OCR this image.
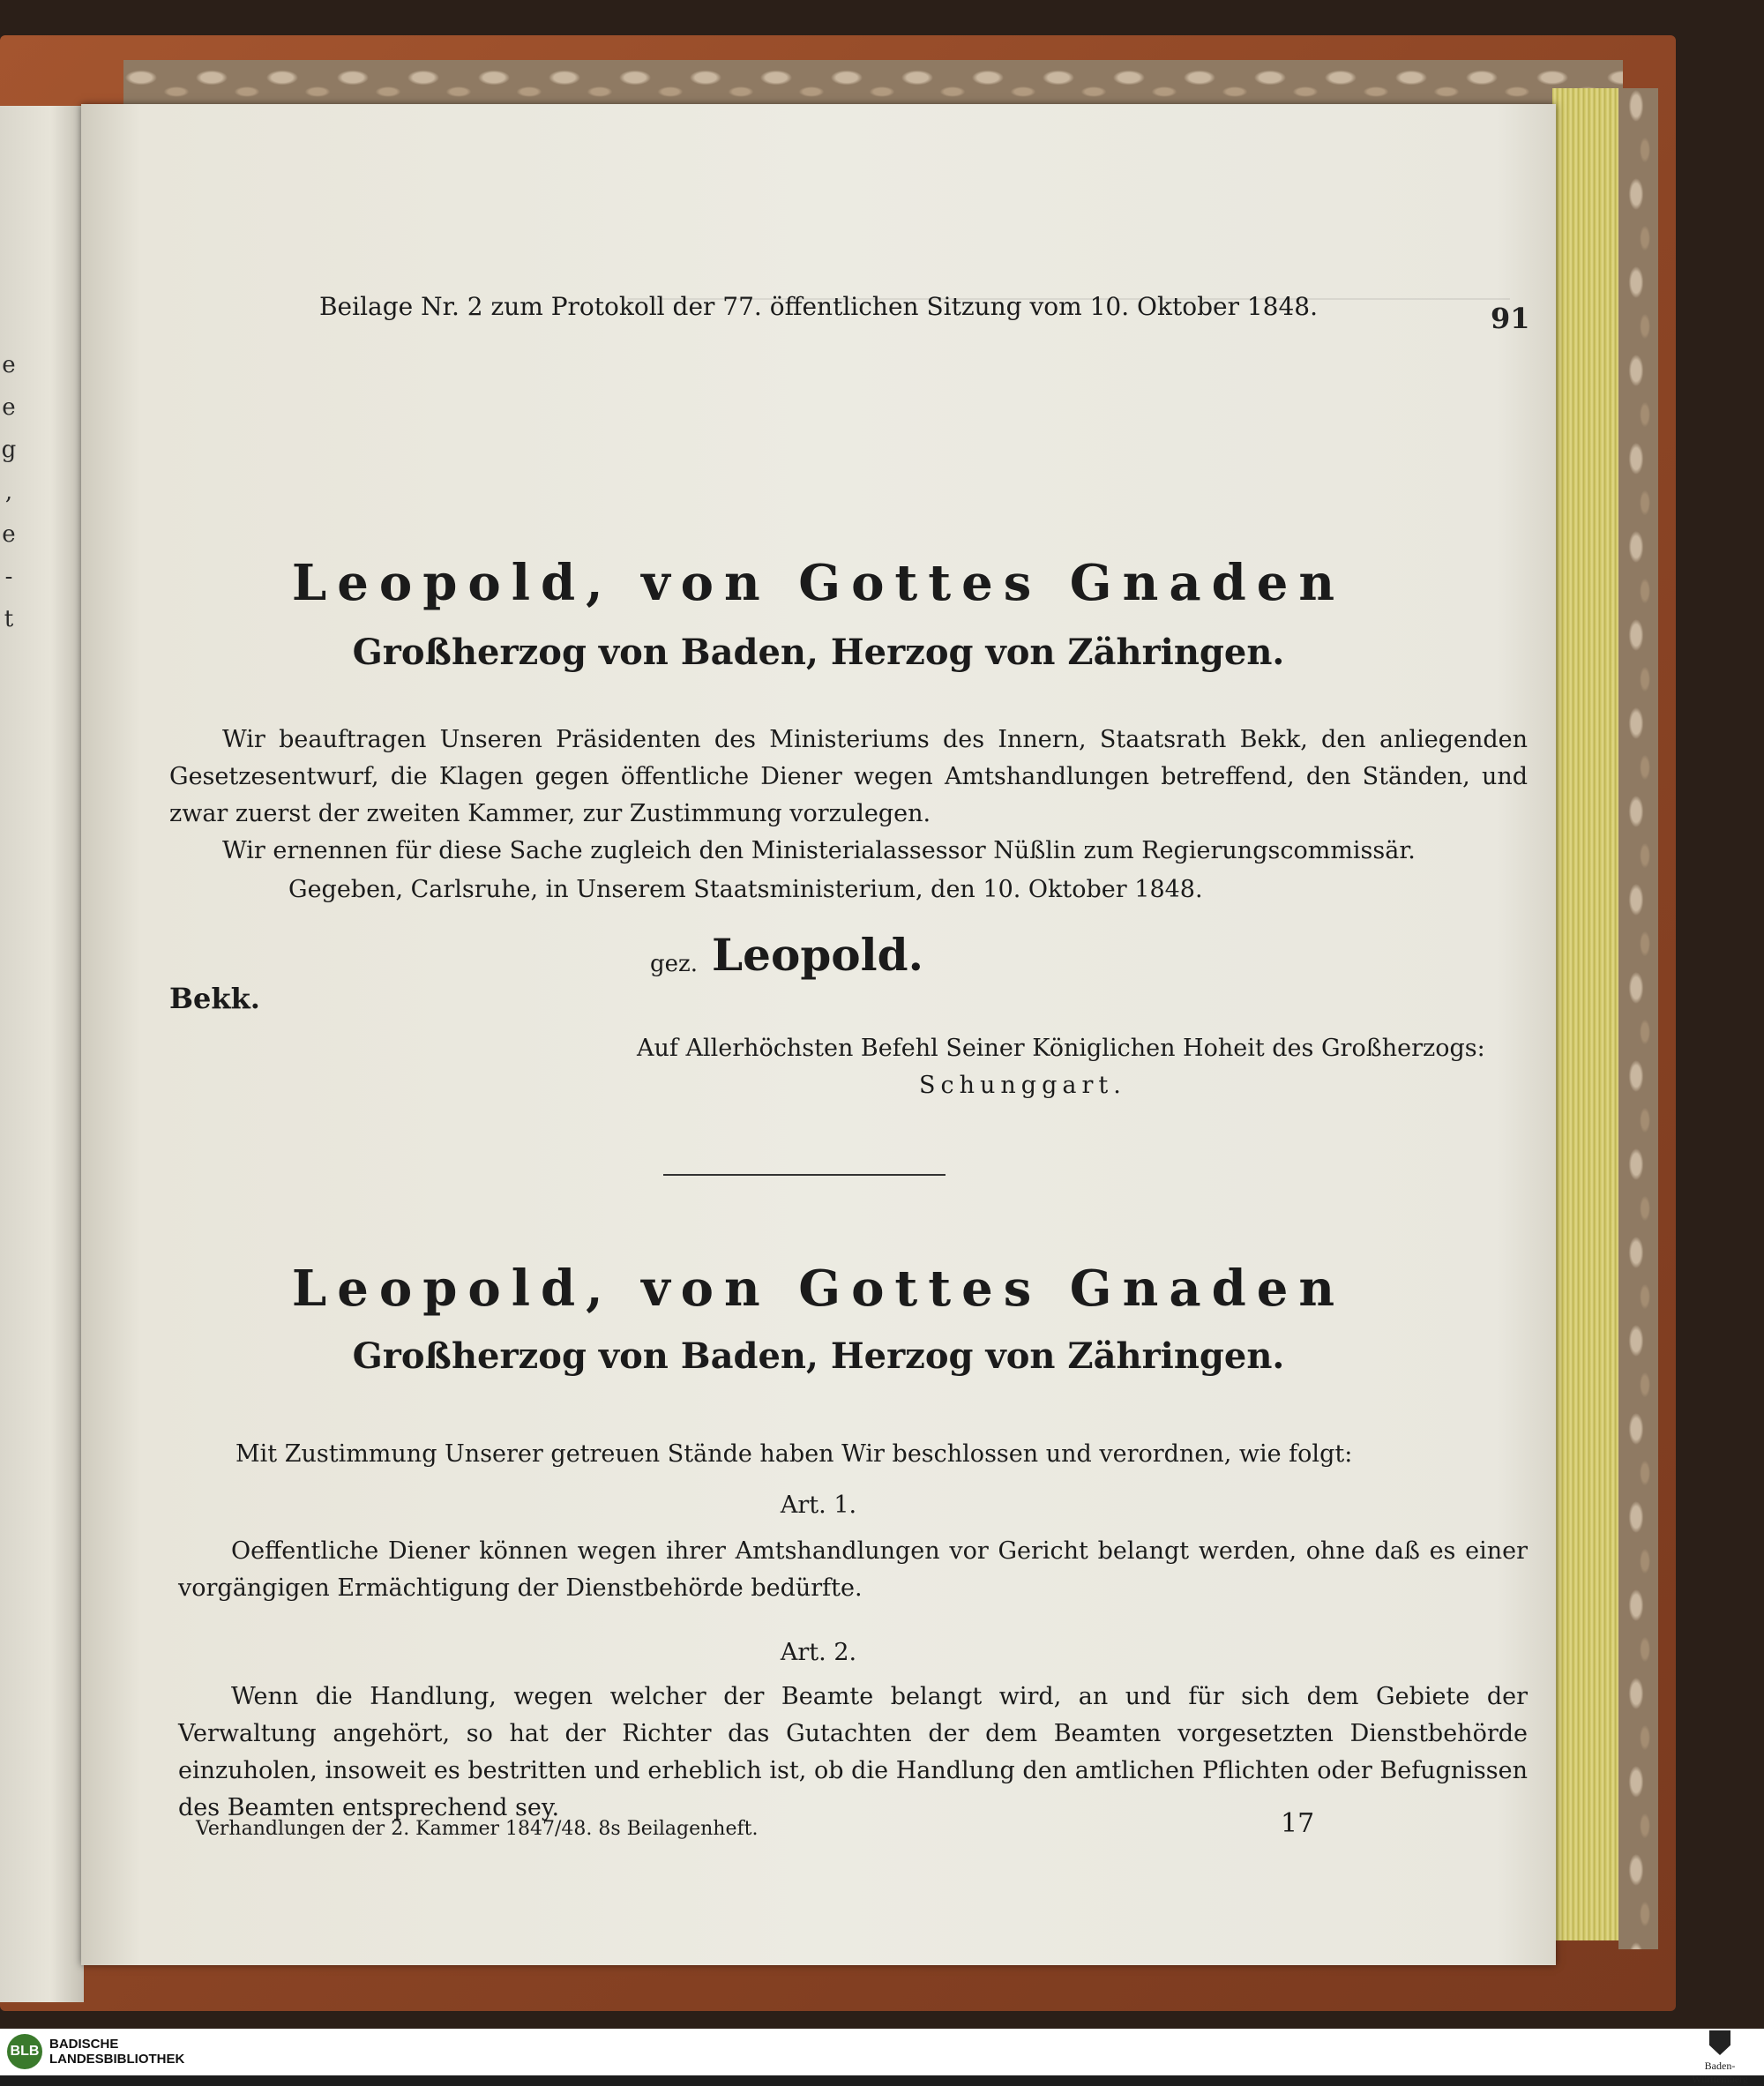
e
e
g
,
e
-
t
91
Beilage Nr. 2 zum Protokoll der 77. öffentlichen Sitzung vom 10. Oktober 1848.
Leopold, von Gottes Gnaden
Großherzog von Baden, Herzog von Zähringen.
Wir beauftragen Unseren Präsidenten des Ministeriums des Innern, Staatsrath Bekk, den anliegenden Gesetzesentwurf, die Klagen gegen öffentliche Diener wegen Amtshandlungen betreffend, den Ständen, und zwar zuerst der zweiten Kammer, zur Zustimmung vorzulegen.
Wir ernennen für diese Sache zugleich den Ministerialassessor Nüßlin zum Regierungscommissär.
Gegeben, Carlsruhe, in Unserem Staatsministerium, den 10. Oktober 1848.
gez. Leopold.
Bekk.
Auf Allerhöchsten Befehl Seiner Königlichen Hoheit des Großherzogs:
Schunggart.
Leopold, von Gottes Gnaden
Großherzog von Baden, Herzog von Zähringen.
Mit Zustimmung Unserer getreuen Stände haben Wir beschlossen und verordnen, wie folgt:
Art. 1.
Oeffentliche Diener können wegen ihrer Amtshandlungen vor Gericht belangt werden, ohne daß es einer vorgängigen Ermächtigung der Dienstbehörde bedürfte.
Art. 2.
Wenn die Handlung, wegen welcher der Beamte belangt wird, an und für sich dem Gebiete der Verwaltung angehört, so hat der Richter das Gutachten der dem Beamten vorgesetzten Dienstbehörde einzuholen, insoweit es bestritten und erheblich ist, ob die Handlung den amtlichen Pflichten oder Befugnissen des Beamten entsprechend sey.
Verhandlungen der 2. Kammer 1847/48. 8s Beilagenheft.	17
BLB BADISCHE
LANDESBIBLIOTHEK	Baden-Württemberg
